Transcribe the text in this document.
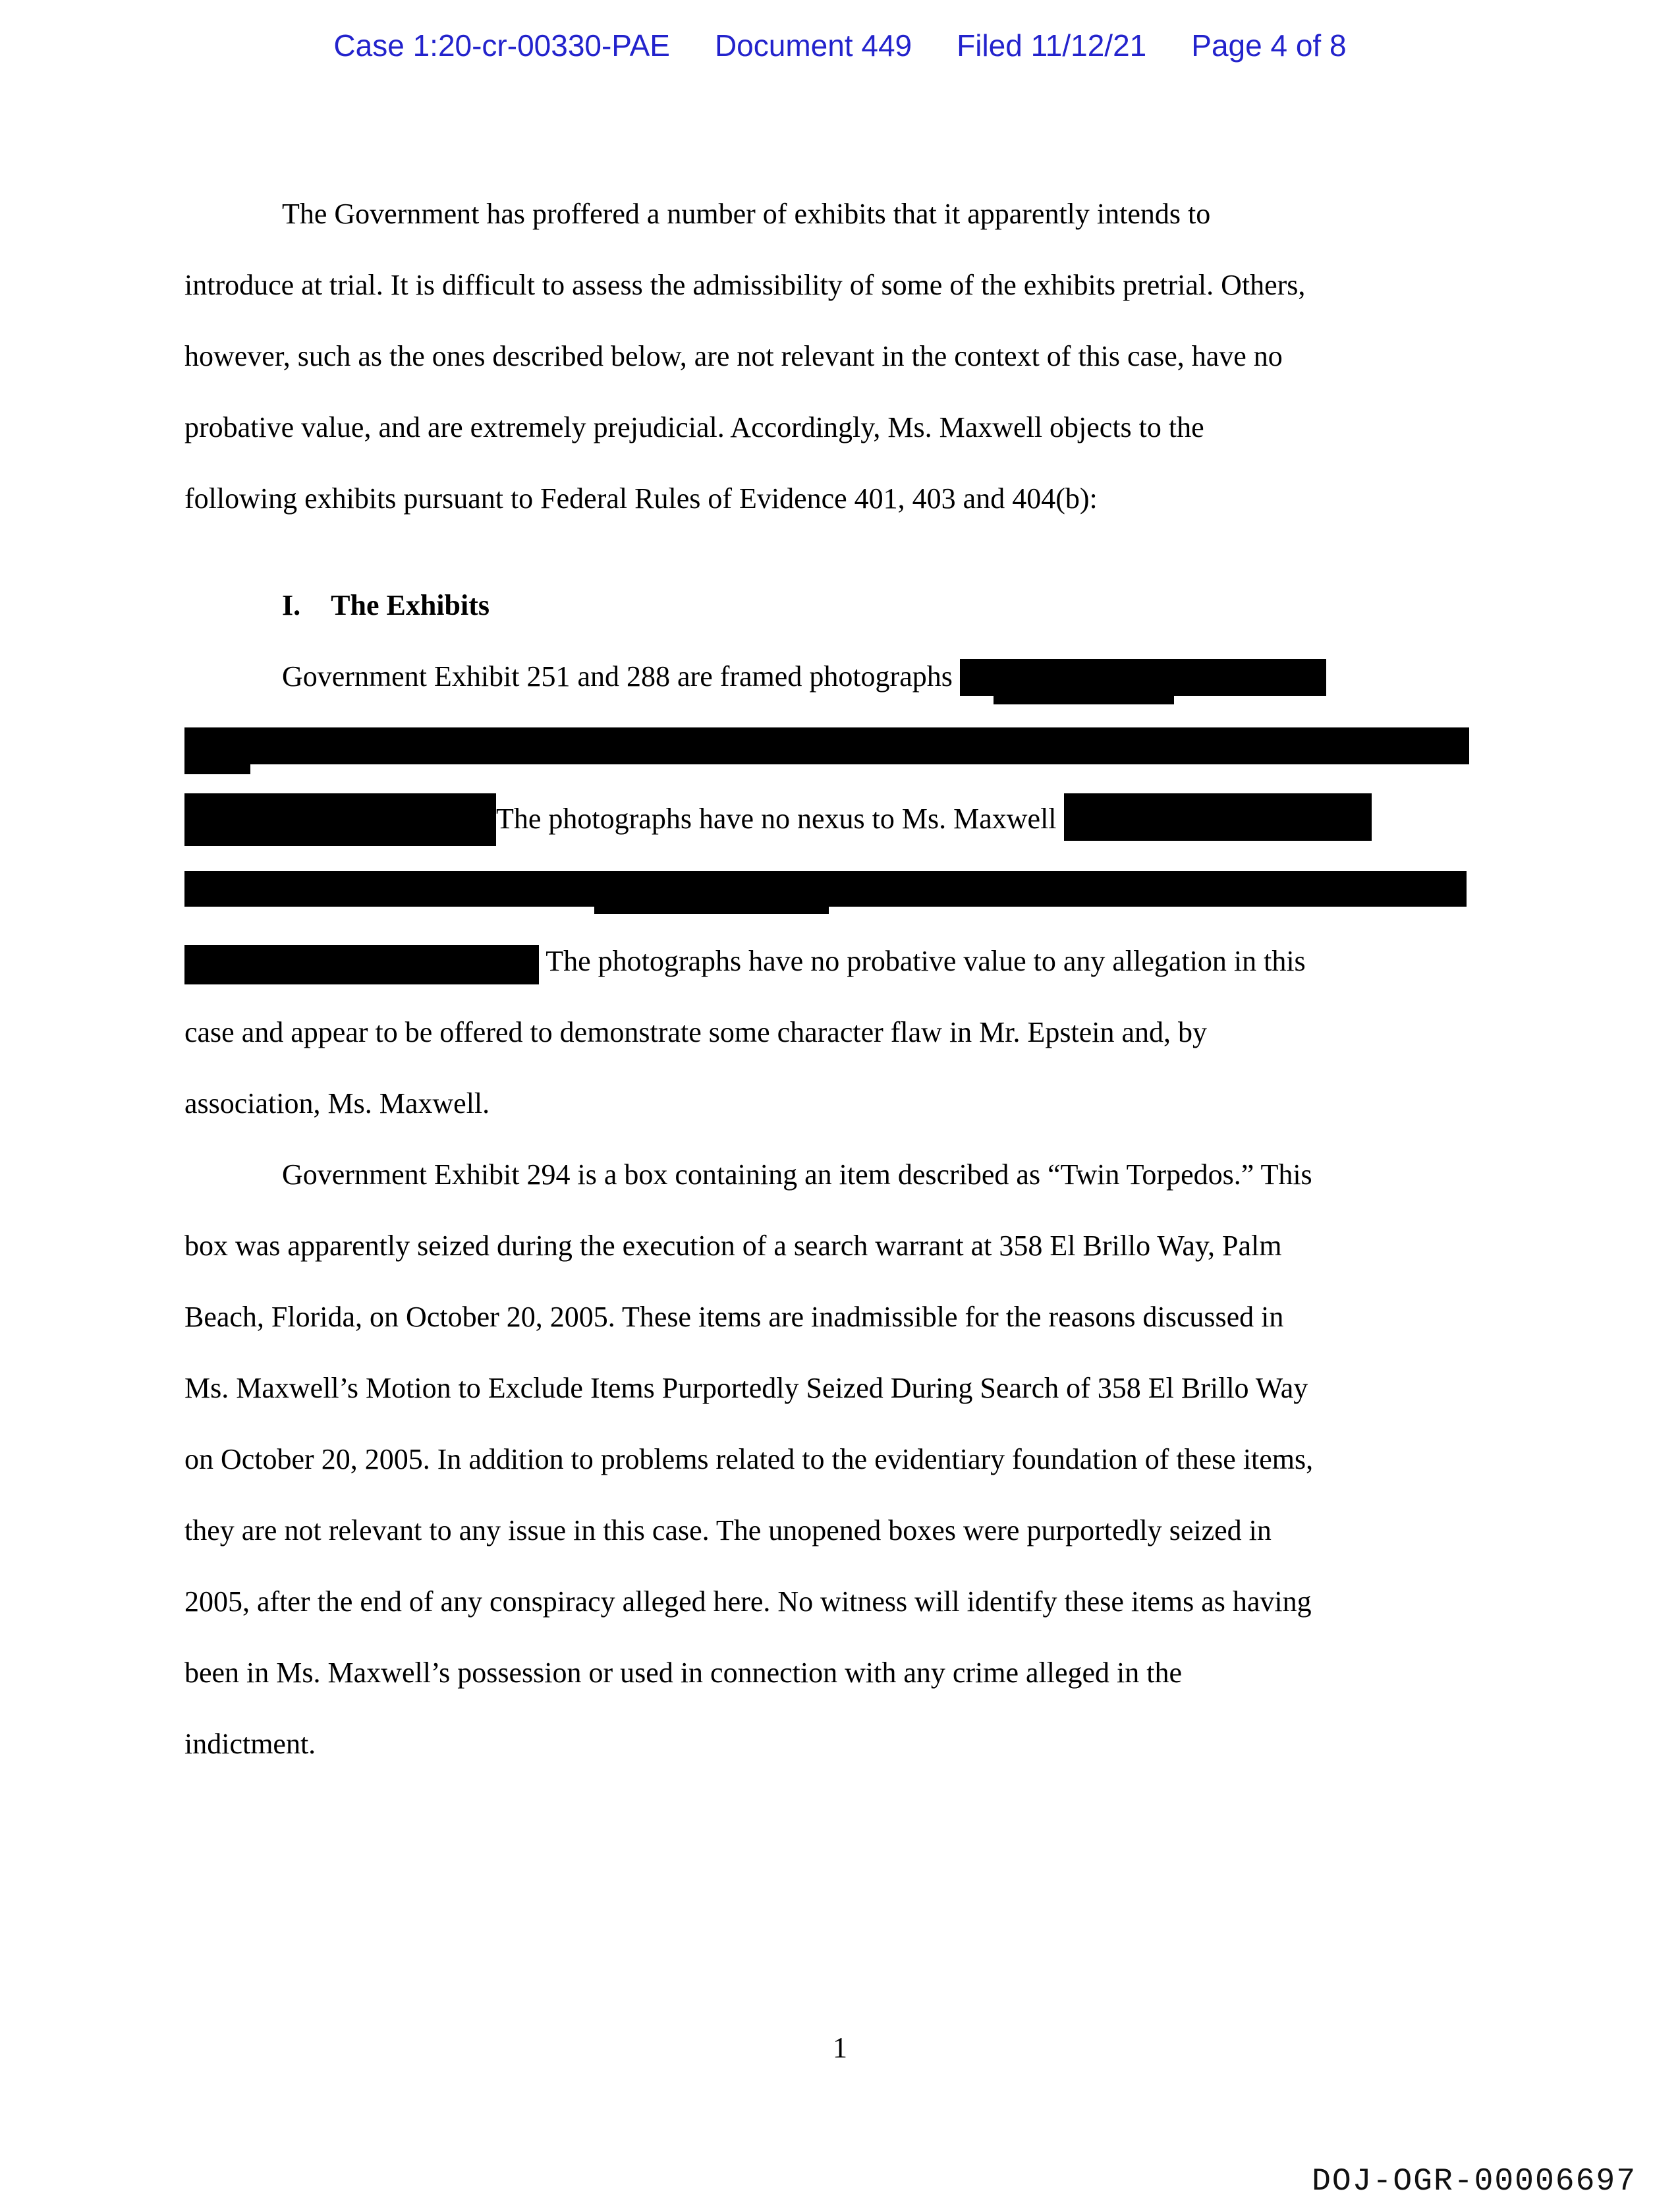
Case 1:20-cr-00330-PAE Document 449 Filed 11/12/21 Page 4 of 8
The Government has proffered a number of exhibits that it apparently intends to
introduce at trial. It is difficult to assess the admissibility of some of the exhibits pretrial. Others,
however, such as the ones described below, are not relevant in the context of this case, have no
probative value, and are extremely prejudicial. Accordingly, Ms. Maxwell objects to the
following exhibits pursuant to Federal Rules of Evidence 401, 403 and 404(b):
I. The Exhibits
Government Exhibit 251 and 288 are framed photographs
The photographs have no nexus to Ms. Maxwell
The photographs have no probative value to any allegation in this
case and appear to be offered to demonstrate some character flaw in Mr. Epstein and, by
association, Ms. Maxwell.
Government Exhibit 294 is a box containing an item described as “Twin Torpedos.” This
box was apparently seized during the execution of a search warrant at 358 El Brillo Way, Palm
Beach, Florida, on October 20, 2005. These items are inadmissible for the reasons discussed in
Ms. Maxwell’s Motion to Exclude Items Purportedly Seized During Search of 358 El Brillo Way
on October 20, 2005. In addition to problems related to the evidentiary foundation of these items,
they are not relevant to any issue in this case. The unopened boxes were purportedly seized in
2005, after the end of any conspiracy alleged here. No witness will identify these items as having
been in Ms. Maxwell’s possession or used in connection with any crime alleged in the
indictment.
1
DOJ-OGR-00006697
